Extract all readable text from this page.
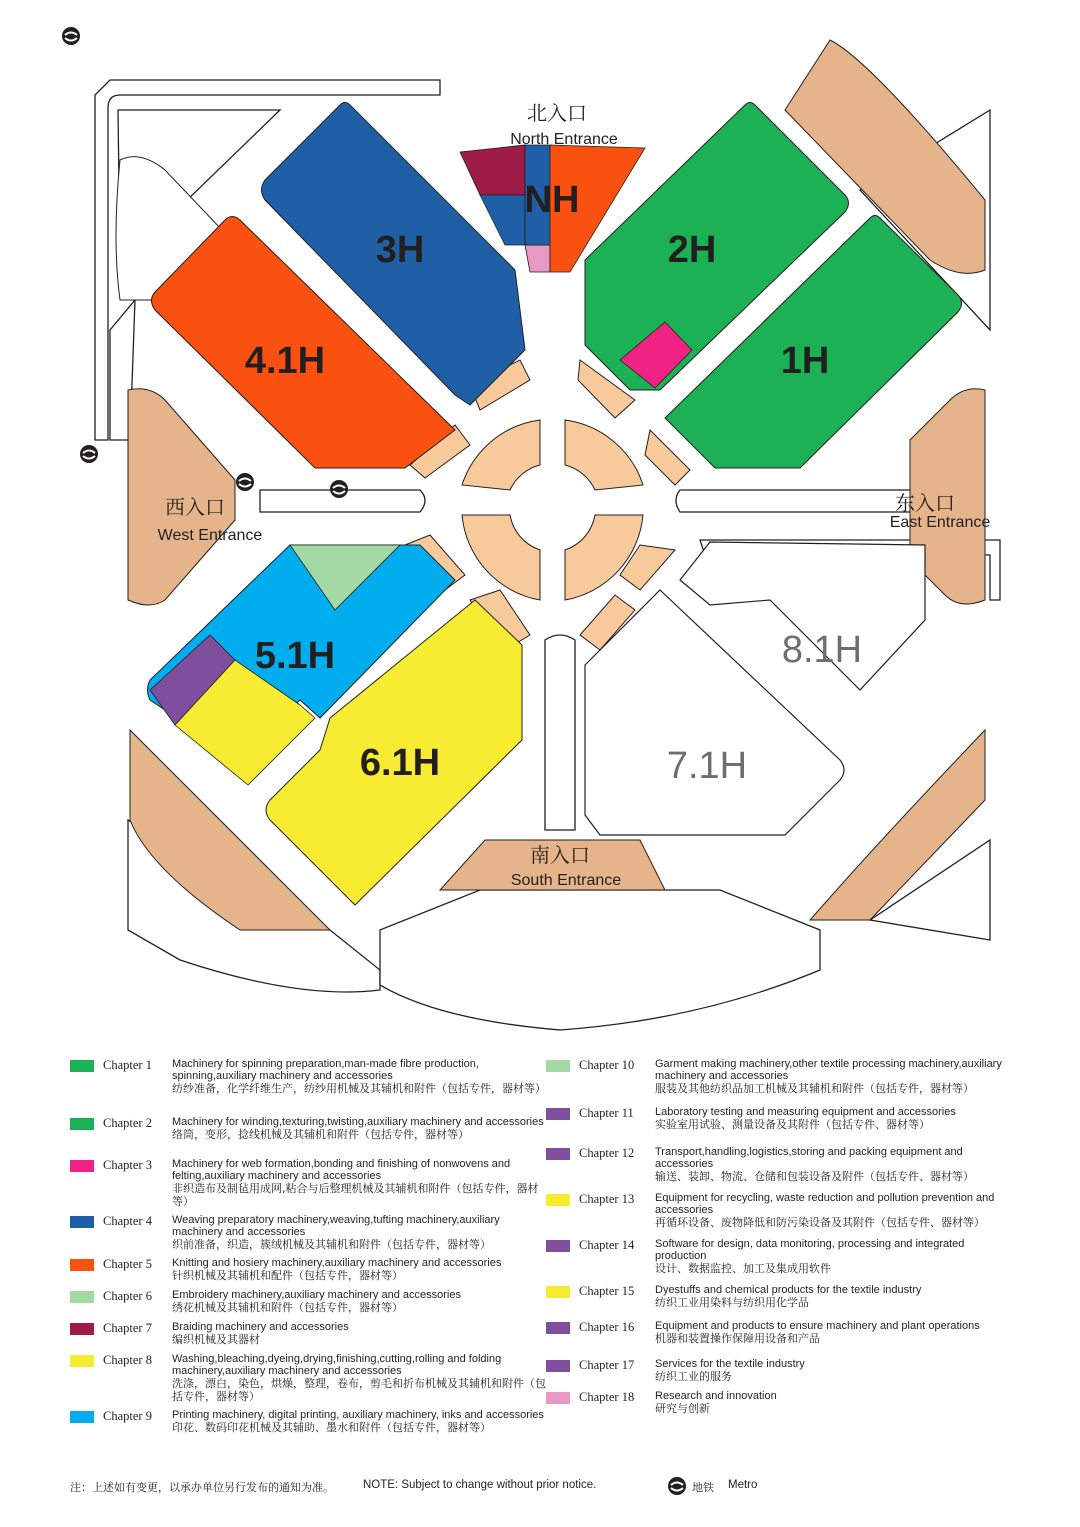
NH
3H	2H
4.1H	1H
5.1H
6.1H
8.1H
7.1H
北入口
North Entrance
西入口
West Entrance
东入口
East Entrance
南入口
South Entrance
Chapter 1 Machinery for spinning preparation,man-made fibre production, spinning,auxiliary machinery and accessories
纺纱准备，化学纤维生产，纺纱用机械及其辅机和附件（包括专件，器材等）
Chapter 2 Machinery for winding,texturing,twisting,auxiliary machinery and accessories
络筒，变形，捻线机械及其辅机和附件（包括专件，器材等）
Chapter 3 Machinery for web formation,bonding and finishing of nonwovens and felting,auxiliary machinery and accessories
非织造布及制毡用成网,粘合与后整理机械及其辅机和附件（包括专件，器材等）
Chapter 4 Weaving preparatory machinery,weaving,tufting machinery,auxiliary machinery and accessories
织前准备，织造，簇绒机械及其辅机和附件（包括专件，器材等）
Chapter 5 Knitting and hosiery machinery,auxiliary machinery and accessories
针织机械及其辅机和配件（包括专件，器材等）
Chapter 6 Embroidery machinery,auxiliary machinery and accessories
绣花机械及其辅机和附件（包括专件，器材等）
Chapter 7 Braiding machinery and accessories
编织机械及其器材
Chapter 8 Washing,bleaching,dyeing,drying,finishing,cutting,rolling and folding machinery,auxiliary machinery and accessories
洗涤，漂白，染色，烘燥，整理，卷布，剪毛和折布机械及其辅机和附件（包括专件，器材等）
Chapter 9 Printing machinery, digital printing, auxiliary machinery, inks and accessories
印花、数码印花机械及其辅助、墨水和附件（包括专件，器材等）
Chapter 10 Garment making machinery,other textile processing machinery,auxiliary machinery and accessories
服装及其他纺织品加工机械及其辅机和附件（包括专件，器材等）
Chapter 11 Laboratory testing and measuring equipment and accessories
实验室用试验、测量设备及其附件（包括专件、器材等）
Chapter 12 Transport,handling,logistics,storing and packing equipment and accessories
输送、装卸、物流、仓储和包装设备及附件（包括专件、器材等）
Chapter 13 Equipment for recycling, waste reduction and pollution prevention and accessories
再循环设备、废物降低和防污染设备及其附件（包括专件、器材等）
Chapter 14 Software for design, data monitoring, processing and integrated production
设计、数据监控、加工及集成用软件
Chapter 15 Dyestuffs and chemical products for the textile industry
纺织工业用染料与纺织用化学品
Chapter 16 Equipment and products to ensure machinery and plant operations
机器和装置操作保障用设备和产品
Chapter 17 Services for the textile industry
纺织工业的服务
Chapter 18 Research and innovation
研究与创新
注：上述如有变更，以承办单位另行发布的通知为准。	NOTE: Subject to change without prior notice.	地铁 Metro
